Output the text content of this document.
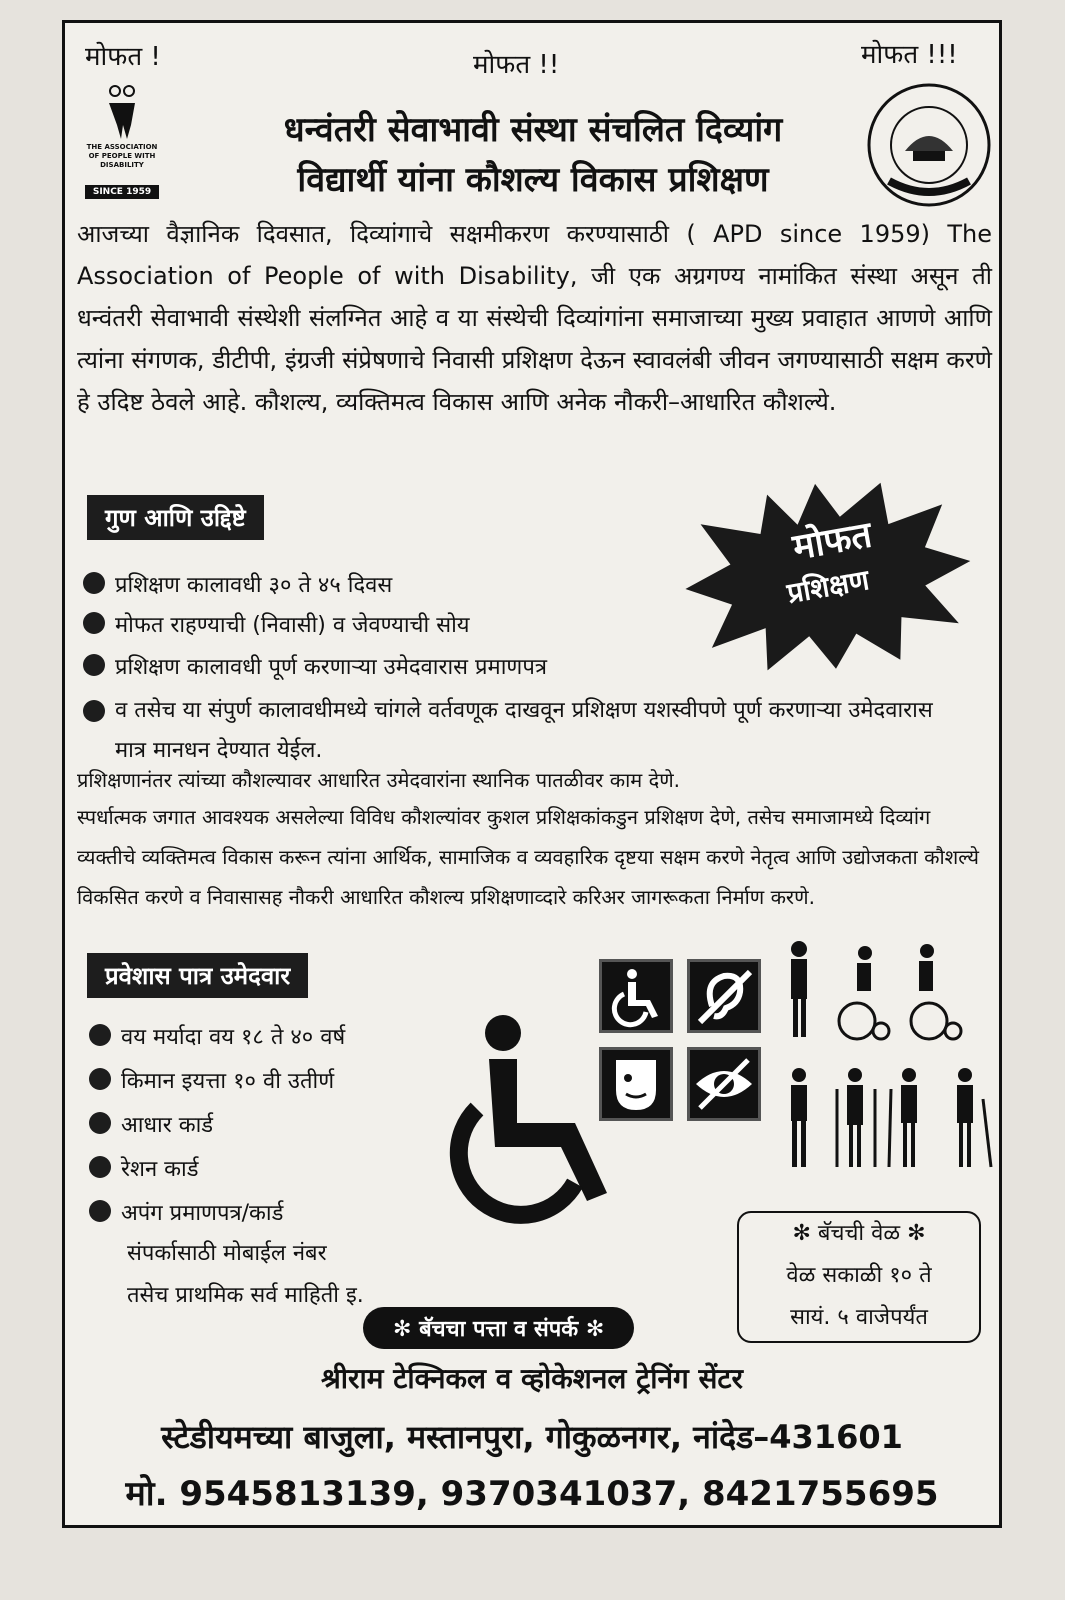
मोफत !	मोफत !!	मोफत !!!
THE ASSOCIATION OF PEOPLE WITH DISABILITY
SINCE 1959
धन्वंतरी सेवाभावी संस्था संचलित दिव्यांग
विद्यार्थी यांना कौशल्य विकास प्रशिक्षण
आजच्या वैज्ञानिक दिवसात, दिव्यांगाचे सक्षमीकरण करण्यासाठी ( APD since 1959) The Association of People of with Disability, जी एक अग्रगण्य नामांकित संस्था असून ती धन्वंतरी सेवाभावी संस्थेशी संलग्नित आहे व या संस्थेची दिव्यांगांना समाजाच्या मुख्य प्रवाहात आणणे आणि त्यांना संगणक, डीटीपी, इंग्रजी संप्रेषणाचे निवासी प्रशिक्षण देऊन स्वावलंबी जीवन जगण्यासाठी सक्षम करणे हे उदिष्ट ठेवले आहे. कौशल्य, व्यक्तिमत्व विकास आणि अनेक नौकरी–आधारित कौशल्ये.
गुण आणि उद्दिष्टे	मोफत
प्रशिक्षण
प्रशिक्षण कालावधी ३० ते ४५ दिवस
मोफत राहण्याची (निवासी) व जेवण्याची सोय
प्रशिक्षण कालावधी पूर्ण करणाऱ्या उमेदवारास प्रमाणपत्र
व तसेच या संपुर्ण कालावधीमध्ये चांगले वर्तवणूक दाखवून प्रशिक्षण यशस्वीपणे पूर्ण करणाऱ्या उमेदवारास मात्र मानधन देण्यात येईल.
प्रशिक्षणानंतर त्यांच्या कौशल्यावर आधारित उमेदवारांना स्थानिक पातळीवर काम देणे.
स्पर्धात्मक जगात आवश्यक असलेल्या विविध कौशल्यांवर कुशल प्रशिक्षकांकडुन प्रशिक्षण देणे, तसेच समाजामध्ये दिव्यांग व्यक्तीचे व्यक्तिमत्व विकास करून त्यांना आर्थिक, सामाजिक व व्यवहारिक दृष्टया सक्षम करणे नेतृत्व आणि उद्योजकता कौशल्ये विकसित करणे व निवासासह नौकरी आधारित कौशल्य प्रशिक्षणाव्दारे करिअर जागरूकता निर्माण करणे.
प्रवेशास पात्र उमेदवार
वय मर्यादा वय १८ ते ४० वर्ष
किमान इयत्ता १० वी उतीर्ण
आधार कार्ड
रेशन कार्ड
अपंग प्रमाणपत्र/कार्ड
संपर्कासाठी मोबाईल नंबर
तसेच प्राथमिक सर्व माहिती इ.
✻ बॅचची वेळ ✻
वेळ सकाळी १० ते
सायं. ५ वाजेपर्यंत
✻ बॅचचा पत्ता व संपर्क ✻
श्रीराम टेक्निकल व व्होकेशनल ट्रेनिंग सेंटर
स्टेडीयमच्या बाजुला, मस्तानपुरा, गोकुळनगर, नांदेड–431601
मो. 9545813139, 9370341037, 8421755695
